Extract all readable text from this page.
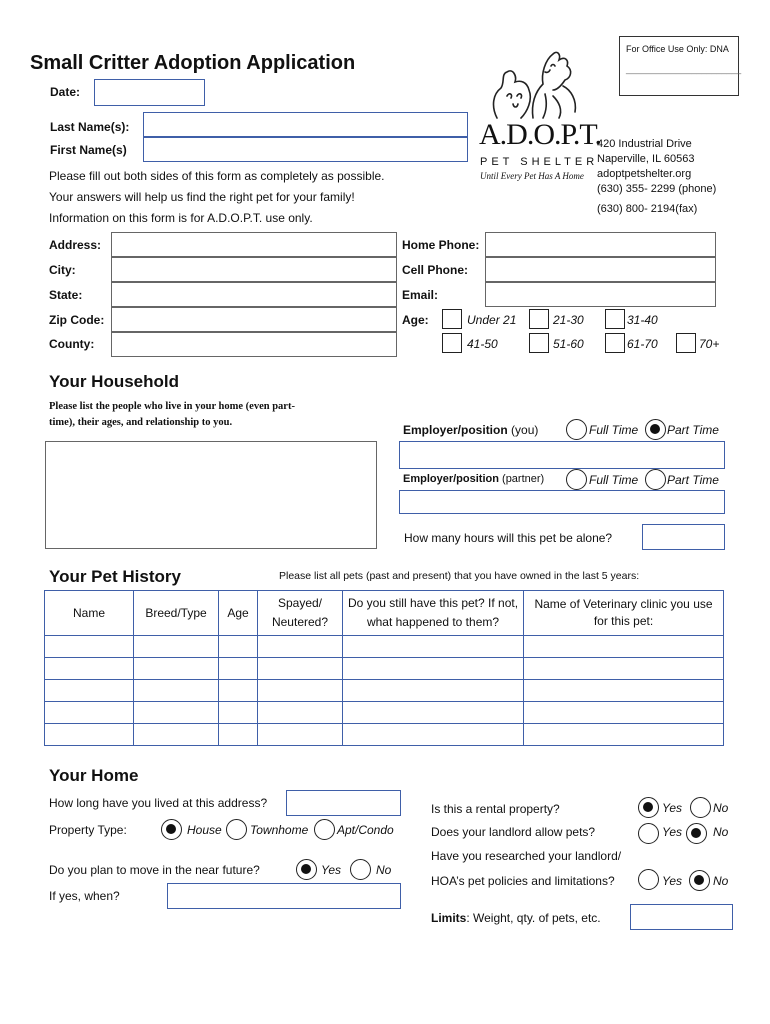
For Office Use Only: DNA
_______________________
Small Critter Adoption Application
Date:
Last Name(s):
First Name(s)
Please fill out both sides of this form as completely as possible.
Your answers will help us find the right pet for your family!
Information on this form is for A.D.O.P.T. use only.
A.D.O.P.T.
PET SHELTER
Until Every Pet Has A Home
420 Industrial Drive
Naperville, IL 60563
adoptpetshelter.org
(630) 355- 2299 (phone)
(630) 800- 2194(fax)
Address:
City:
State:
Zip Code:
County:
Home Phone:
Cell Phone:
Email:
Age:	Under 21	21-30	31-40
41-50	51-60	61-70	70+
Your Household
Please list the people who live in your home (even part-
time), their ages, and relationship to you.
Employer/position (you)	Full Time Part Time
Employer/position (partner)	Full Time Part Time
How many hours will this pet be alone?
Your Pet History	Please list all pets (past and present) that you have owned in the last 5 years:
Name	Breed/Type	Age	Spayed/ Neutered?	Do you still have this pet? If not, what happened to them?	Name of Veterinary clinic you use for this pet:

Your Home
How long have you lived at this address?
Property Type:	House Townhome Apt/Condo
Do you plan to move in the near future?	Yes	No
If yes, when?
Is this a rental property?	Yes	No
Does your landlord allow pets?	Yes	No
Have you researched your landlord/
HOA’s pet policies and limitations?	Yes	No
Limits: Weight, qty. of pets, etc.
